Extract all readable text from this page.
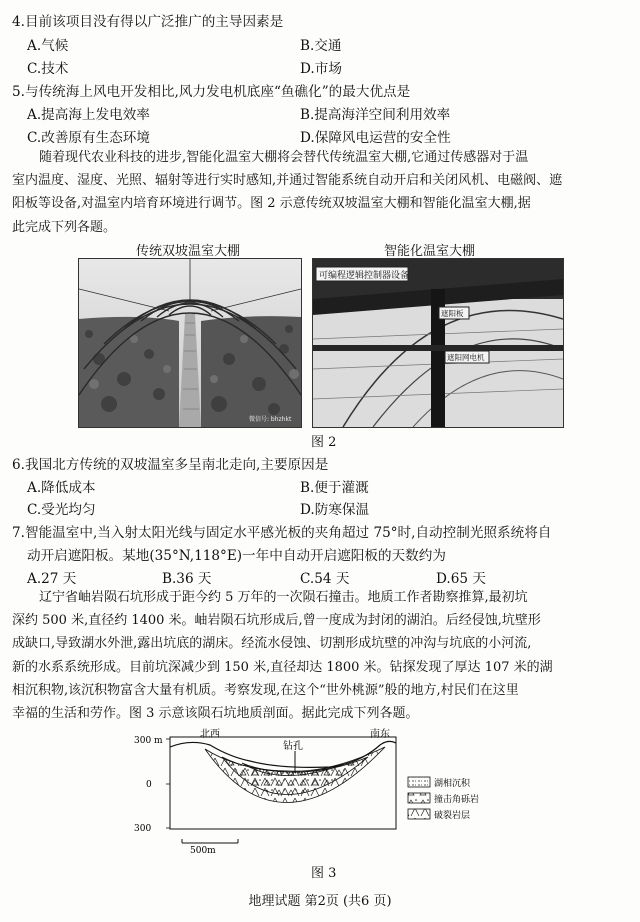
4.目前该项目没有得以广泛推广的主导因素是
A.气候	B.交通
C.技术	D.市场
5.与传统海上风电开发相比,风力发电机底座“鱼礁化”的最大优点是
A.提高海上发电效率	B.提高海洋空间利用效率
C.改善原有生态环境	D.保障风电运营的安全性
随着现代农业科技的进步,智能化温室大棚将会替代传统温室大棚,它通过传感器对于温
室内温度、湿度、光照、辐射等进行实时感知,并通过智能系统自动开启和关闭风机、电磁阀、遮
阳板等设备,对温室内培育环境进行调节。图 2 示意传统双坡温室大棚和智能化温室大棚,据
此完成下列各题。
传统双坡温室大棚	智能化温室大棚
微信号: bhzhkt
可编程逻辑控制器设备
遮阳板
遮阳网电机
图 2
6.我国北方传统的双坡温室多呈南北走向,主要原因是
A.降低成本	B.便于灌溉
C.受光均匀	D.防寒保温
7.智能温室中,当入射太阳光线与固定水平感光板的夹角超过 75°时,自动控制光照系统将自
动开启遮阳板。某地(35°N,118°E)一年中自动开启遮阳板的天数约为
A.27 天	B.36 天	C.54 天	D.65 天
辽宁省岫岩陨石坑形成于距今约 5 万年的一次陨石撞击。地质工作者勘察推算,最初坑
深约 500 米,直径约 1400 米。岫岩陨石坑形成后,曾一度成为封闭的湖泊。后经侵蚀,坑壁形
成缺口,导致湖水外泄,露出坑底的湖床。经流水侵蚀、切割形成坑壁的冲沟与坑底的小河流,
新的水系系统形成。目前坑深减少到 150 米,直径却达 1800 米。钻探发现了厚达 107 米的湖
相沉积物,该沉积物富含大量有机质。考察发现,在这个“世外桃源”般的地方,村民们在这里
幸福的生活和劳作。图 3 示意该陨石坑地质剖面。据此完成下列各题。
300 m
0
300
北西
钻孔
南东
500m
湖相沉积
撞击角砾岩
破裂岩层
图 3
地理试题 第2页 (共6 页)
